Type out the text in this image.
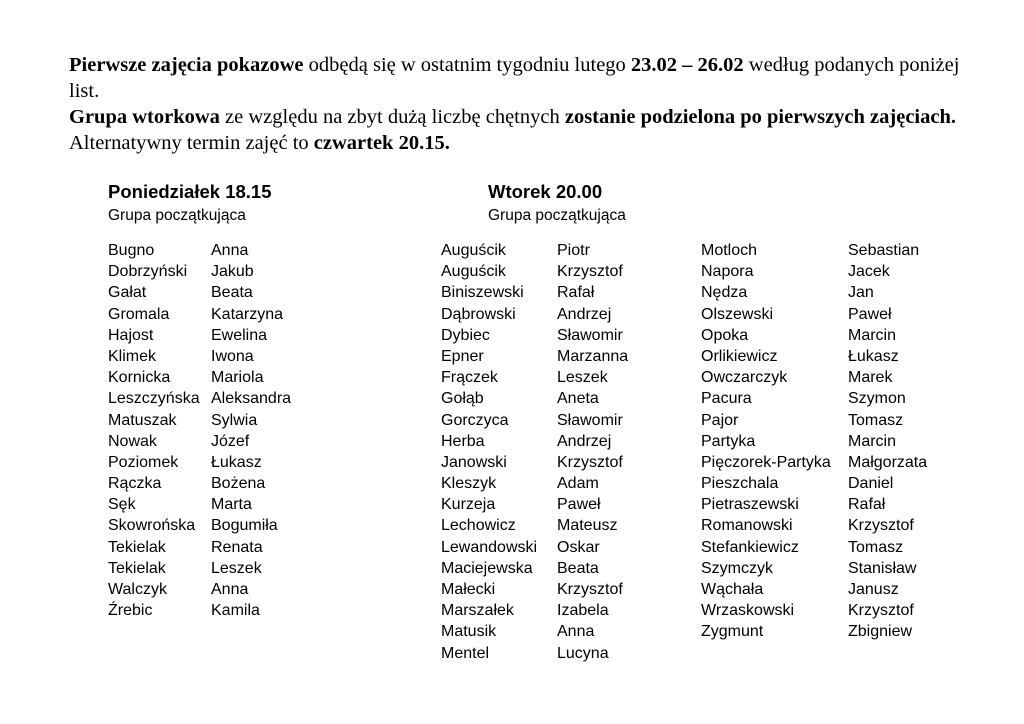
Pierwsze zajęcia pokazowe odbędą się w ostatnim tygodniu lutego 23.02 – 26.02 według podanych poniżej list.

Grupa wtorkowa ze względu na zbyt dużą liczbę chętnych zostanie podzielona po pierwszych zajęciach. Alternatywny termin zajęć to czwartek 20.15.

Poniedziałek 18.15
Grupa początkująca
Wtorek 20.00
Grupa początkująca
Bugno
Dobrzyński
Gałat
Gromala
Hajost
Klimek
Kornicka
Leszczyńska
Matuszak
Nowak
Poziomek
Rączka
Sęk
Skowrońska
Tekielak
Tekielak
Walczyk
Źrebic
Anna
Jakub
Beata
Katarzyna
Ewelina
Iwona
Mariola
Aleksandra
Sylwia
Józef
Łukasz
Bożena
Marta
Bogumiła
Renata
Leszek
Anna
Kamila
Auguścik
Auguścik
Biniszewski
Dąbrowski
Dybiec
Epner
Frączek
Gołąb
Gorczyca
Herba
Janowski
Kleszyk
Kurzeja
Lechowicz
Lewandowski
Maciejewska
Małecki
Marszałek
Matusik
Mentel
Piotr
Krzysztof
Rafał
Andrzej
Sławomir
Marzanna
Leszek
Aneta
Sławomir
Andrzej
Krzysztof
Adam
Paweł
Mateusz
Oskar
Beata
Krzysztof
Izabela
Anna
Lucyna
Motloch
Napora
Nędza
Olszewski
Opoka
Orlikiewicz
Owczarczyk
Pacura
Pajor
Partyka
Pięczorek-Partyka
Pieszchala
Pietraszewski
Romanowski
Stefankiewicz
Szymczyk
Wąchała
Wrzaskowski
Zygmunt
Sebastian
Jacek
Jan
Paweł
Marcin
Łukasz
Marek
Szymon
Tomasz
Marcin
Małgorzata
Daniel
Rafał
Krzysztof
Tomasz
Stanisław
Janusz
Krzysztof
Zbigniew
